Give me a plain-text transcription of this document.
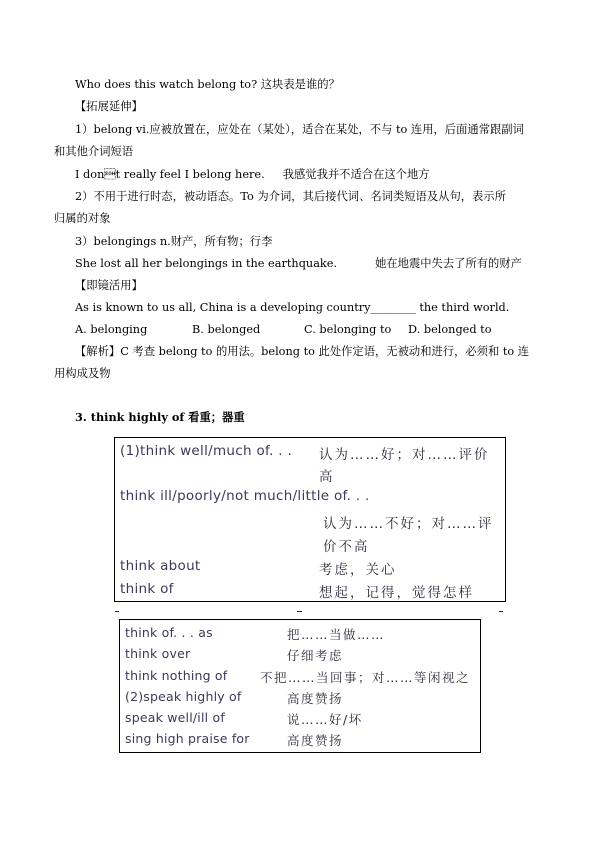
Who does this watch belong to? 这块表是谁的？
【拓展延伸】
1）belong vi.应被放置在，应处在（某处），适合在某处，不与 to 连用，后面通常跟副词
和其他介词短语
I dont really feel I belong here. 我感觉我并不适合在这个地方
2）不用于进行时态，被动语态。To 为介词，其后接代词、名词类短语及从句，表示所
归属的对象
3）belongings n.财产，所有物；行李
She lost all her belongings in the earthquake.	她在地震中失去了所有的财产
【即镜活用】
As is known to us all, China is a developing country________ the third world.
A. belonging	B. belonged	C. belonging to D. belonged to
【解析】C 考查 belong to 的用法。belong to 此处作定语，无被动和进行，必须和 to 连
用构成及物
3. think highly of 看重；器重
(1)think well/much of. . . 认为……好；对……评价
高
think ill/poorly/not much/little of. . .
认为……不好；对……评
价不高
think about	考虑，关心
think of	想起，记得，觉得怎样
think of. . . as	把……当做……
think over	仔细考虑
think nothing of	不把……当回事；对……等闲视之
(2)speak highly of	高度赞扬
speak well/ill of	说……好/坏
sing high praise for	高度赞扬
